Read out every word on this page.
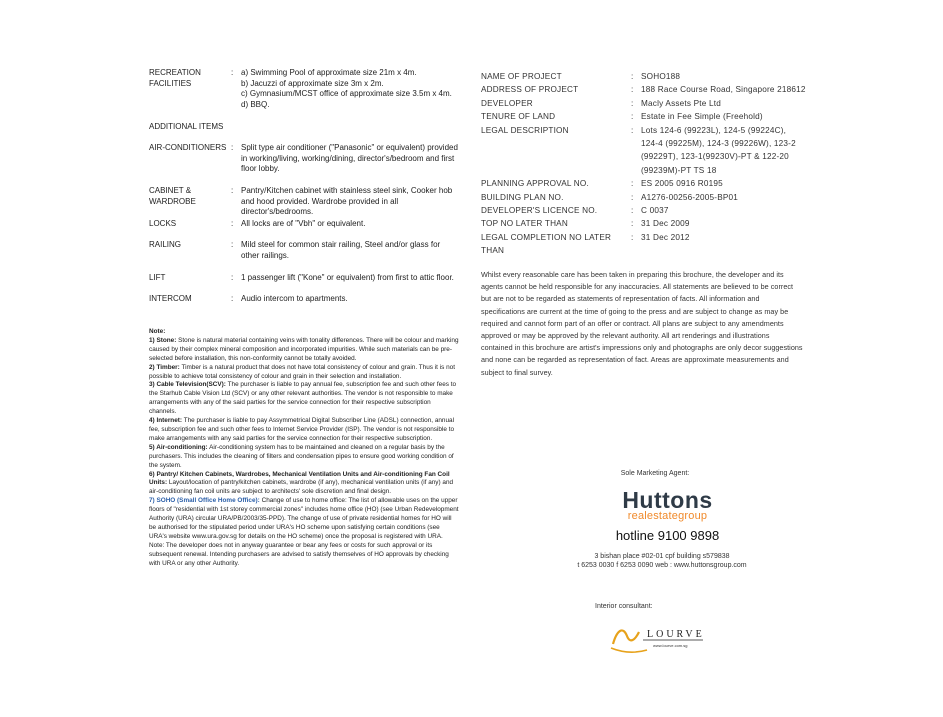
RECREATION FACILITIES
: a) Swimming Pool of approximate size 21m x 4m.
b) Jacuzzi of approximate size 3m x 2m.
c) Gymnasium/MCST office of approximate size 3.5m x 4m.
d) BBQ.
ADDITIONAL ITEMS
AIR-CONDITIONERS : Split type air conditioner ("Panasonic" or equivalent) provided in working/living, working/dining, director's/bedroom and first floor lobby.
CABINET & WARDROBE
: Pantry/Kitchen cabinet with stainless steel sink, Cooker hob and hood provided. Wardrobe provided in all director's/bedrooms.
LOCKS	: All locks are of "Vbh" or equivalent.
RAILING	: Mild steel for common stair railing, Steel and/or glass for other railings.
LIFT	: 1 passenger lift ("Kone" or equivalent) from first to attic floor.
INTERCOM	: Audio intercom to apartments.

Note:

1) Stone: Stone is natural material containing veins with tonality differences. There will be colour and marking caused by their complex mineral composition and incorporated impurities. While such materials can be pre-selected before installation, this non-conformity cannot be totally avoided.

2) Timber: Timber is a natural product that does not have total consistency of colour and grain. Thus it is not possible to achieve total consistency of colour and grain in their selection and installation.

3) Cable Television(SCV): The purchaser is liable to pay annual fee, subscription fee and such other fees to the Starhub Cable Vision Ltd (SCV) or any other relevant authorities. The vendor is not responsible to make arrangements with any of the said parties for the service connection for their respective subscription channels.

4) Internet: The purchaser is liable to pay Assymmetrical Digital Subscriber Line (ADSL) connection, annual fee, subscription fee and such other fees to Internet Service Provider (ISP). The vendor is not responsible to make arrangements with any said parties for the service connection for their respective subscription.

5) Air-conditioning: Air-conditioning system has to be maintained and cleaned on a regular basis by the purchasers. This includes the cleaning of filters and condensation pipes to ensure good working condition of the system.

6) Pantry/ Kitchen Cabinets, Wardrobes, Mechanical Ventilation Units and Air-conditioning Fan Coil Units: Layout/location of pantry/kitchen cabinets, wardrobe (if any), mechanical ventilation units (if any) and air-conditioning fan coil units are subject to architects' sole discretion and final design.

7) SOHO (Small Office Home Office): Change of use to home office: The list of allowable uses on the upper floors of "residential with 1st storey commercial zones" includes home office (HO) (see Urban Redevelopment Authority (URA) circular URA/PB/2003/35-PPD). The change of use of private residential homes for HO will be authorised for the stipulated period under URA's HO scheme upon satisfying certain conditions (see URA's website www.ura.gov.sg for details on the HO scheme) once the proposal is registered with URA. Note: The developer does not in anyway guarantee or bear any fees or costs for such approval or its subsequent renewal. Intending purchasers are advised to satisfy themselves of HO approvals by checking with URA or any other Authority.

NAME OF PROJECT	: SOHO188
ADDRESS OF PROJECT	: 188 Race Course Road, Singapore 218612
DEVELOPER	: Macly Assets Pte Ltd
TENURE OF LAND	: Estate in Fee Simple (Freehold)
LEGAL DESCRIPTION	: Lots 124-6 (99223L), 124-5 (99224C), 124-4 (99225M), 124-3 (99226W), 123-2 (99229T), 123-1(99230V)-PT & 122-20 (99239M)-PT TS 18
PLANNING APPROVAL NO.	: ES 2005 0916 R0195
BUILDING PLAN NO.	: A1276-00256-2005-BP01
DEVELOPER'S LICENCE NO.	: C 0037
TOP NO LATER THAN	: 31 Dec 2009
LEGAL COMPLETION NO LATER THAN
: 31 Dec 2012
Whilst every reasonable care has been taken in preparing this brochure, the developer and its agents cannot be held responsible for any inaccuracies. All statements are believed to be correct but are not to be regarded as statements of representation of facts. All information and specifications are current at the time of going to the press and are subject to change as may be required and cannot form part of an offer or contract. All plans are subject to any amendments approved or may be approved by the relevant authority. All art renderings and illustrations contained in this brochure are artist's impressions only and photographs are only decor suggestions and none can be regarded as representation of fact. Areas are approximate measurements and subject to final survey.
Sole Marketing Agent:
Huttons
realestategroup
hotline 9100 9898
3 bishan place #02-01 cpf building s579838
t 6253 0030 f 6253 0090 web : www.huttonsgroup.com
Interior consultant:
LOURVE
www.lourve.com.sg
